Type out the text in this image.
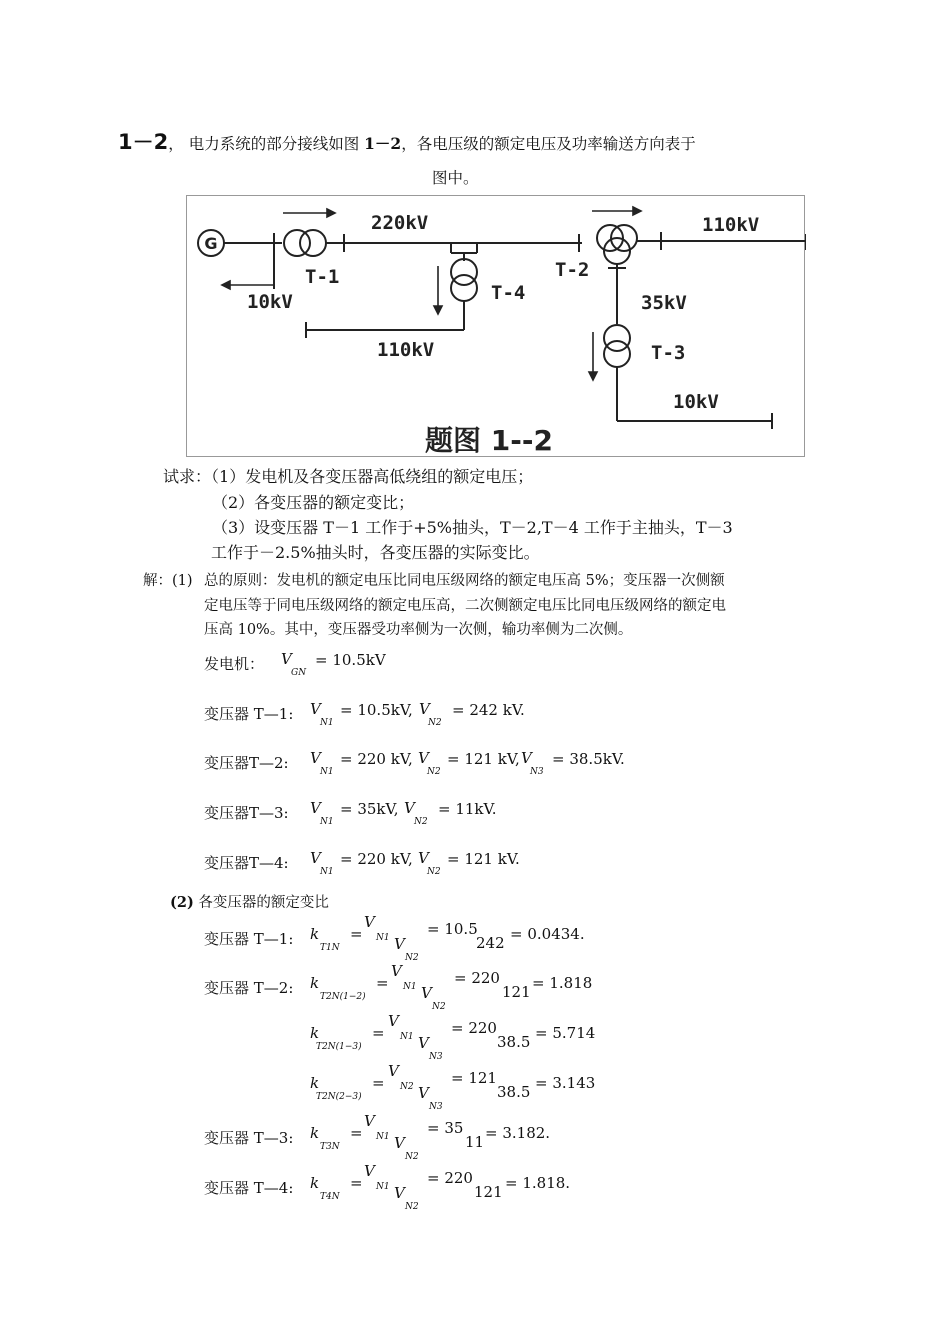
1－2， 电力系统的部分接线如图 1－2，各电压级的额定电压及功率输送方向表于
图中。
G
220kV	110kV
T-1	T-2
T-4
T-3
10kV	35kV
110kV
10kV
题图 1--2
试求：（1）发电机及各变压器高低绕组的额定电压；
（2）各变压器的额定变比；
（3）设变压器 T－1 工作于+5%抽头，T－2,T－4 工作于主抽头，T－3
工作于－2.5%抽头时，各变压器的实际变比。
解：(1) 总的原则：发电机的额定电压比同电压级网络的额定电压高 5%；变压器一次侧额
定电压等于同电压级网络的额定电压高，二次侧额定电压比同电压级网络的额定电
压高 10%。其中，变压器受功率侧为一次侧，输功率侧为二次侧。
发电机： V
GN
= 10.5kV
变压器 T—1: V
N1
= 10.5kV, V
N2
= 242 kV.
变压器T—2: V
N1
= 220 kV, V
N2
= 121 kV, V
N3
= 38.5kV.
变压器T—3: V
N1
= 35kV, V
N2
= 11kV.
变压器T—4: V
N1
= 220 kV, V
N2
= 121 kV.
(2) 各变压器的额定变比
变压器 T—1: k
T1N
=
V
N1 V
N2
= 10.5
242 = 0.0434.
变压器 T—2: k
T2N(1−2)
=
V
N1 V
N2
= 220
121 = 1.818
k
T2N(1−3)
=
V
N1 V
N3
= 220
38.5 = 5.714
k
T2N(2−3)
=
V
N2 V
N3
= 121
38.5 = 3.143
变压器 T—3: k
T3N
=
V
N1 V
N2
= 35
11 = 3.182.
变压器 T—4: k
T4N
=
V
N1 V
N2
= 220
121 = 1.818.
